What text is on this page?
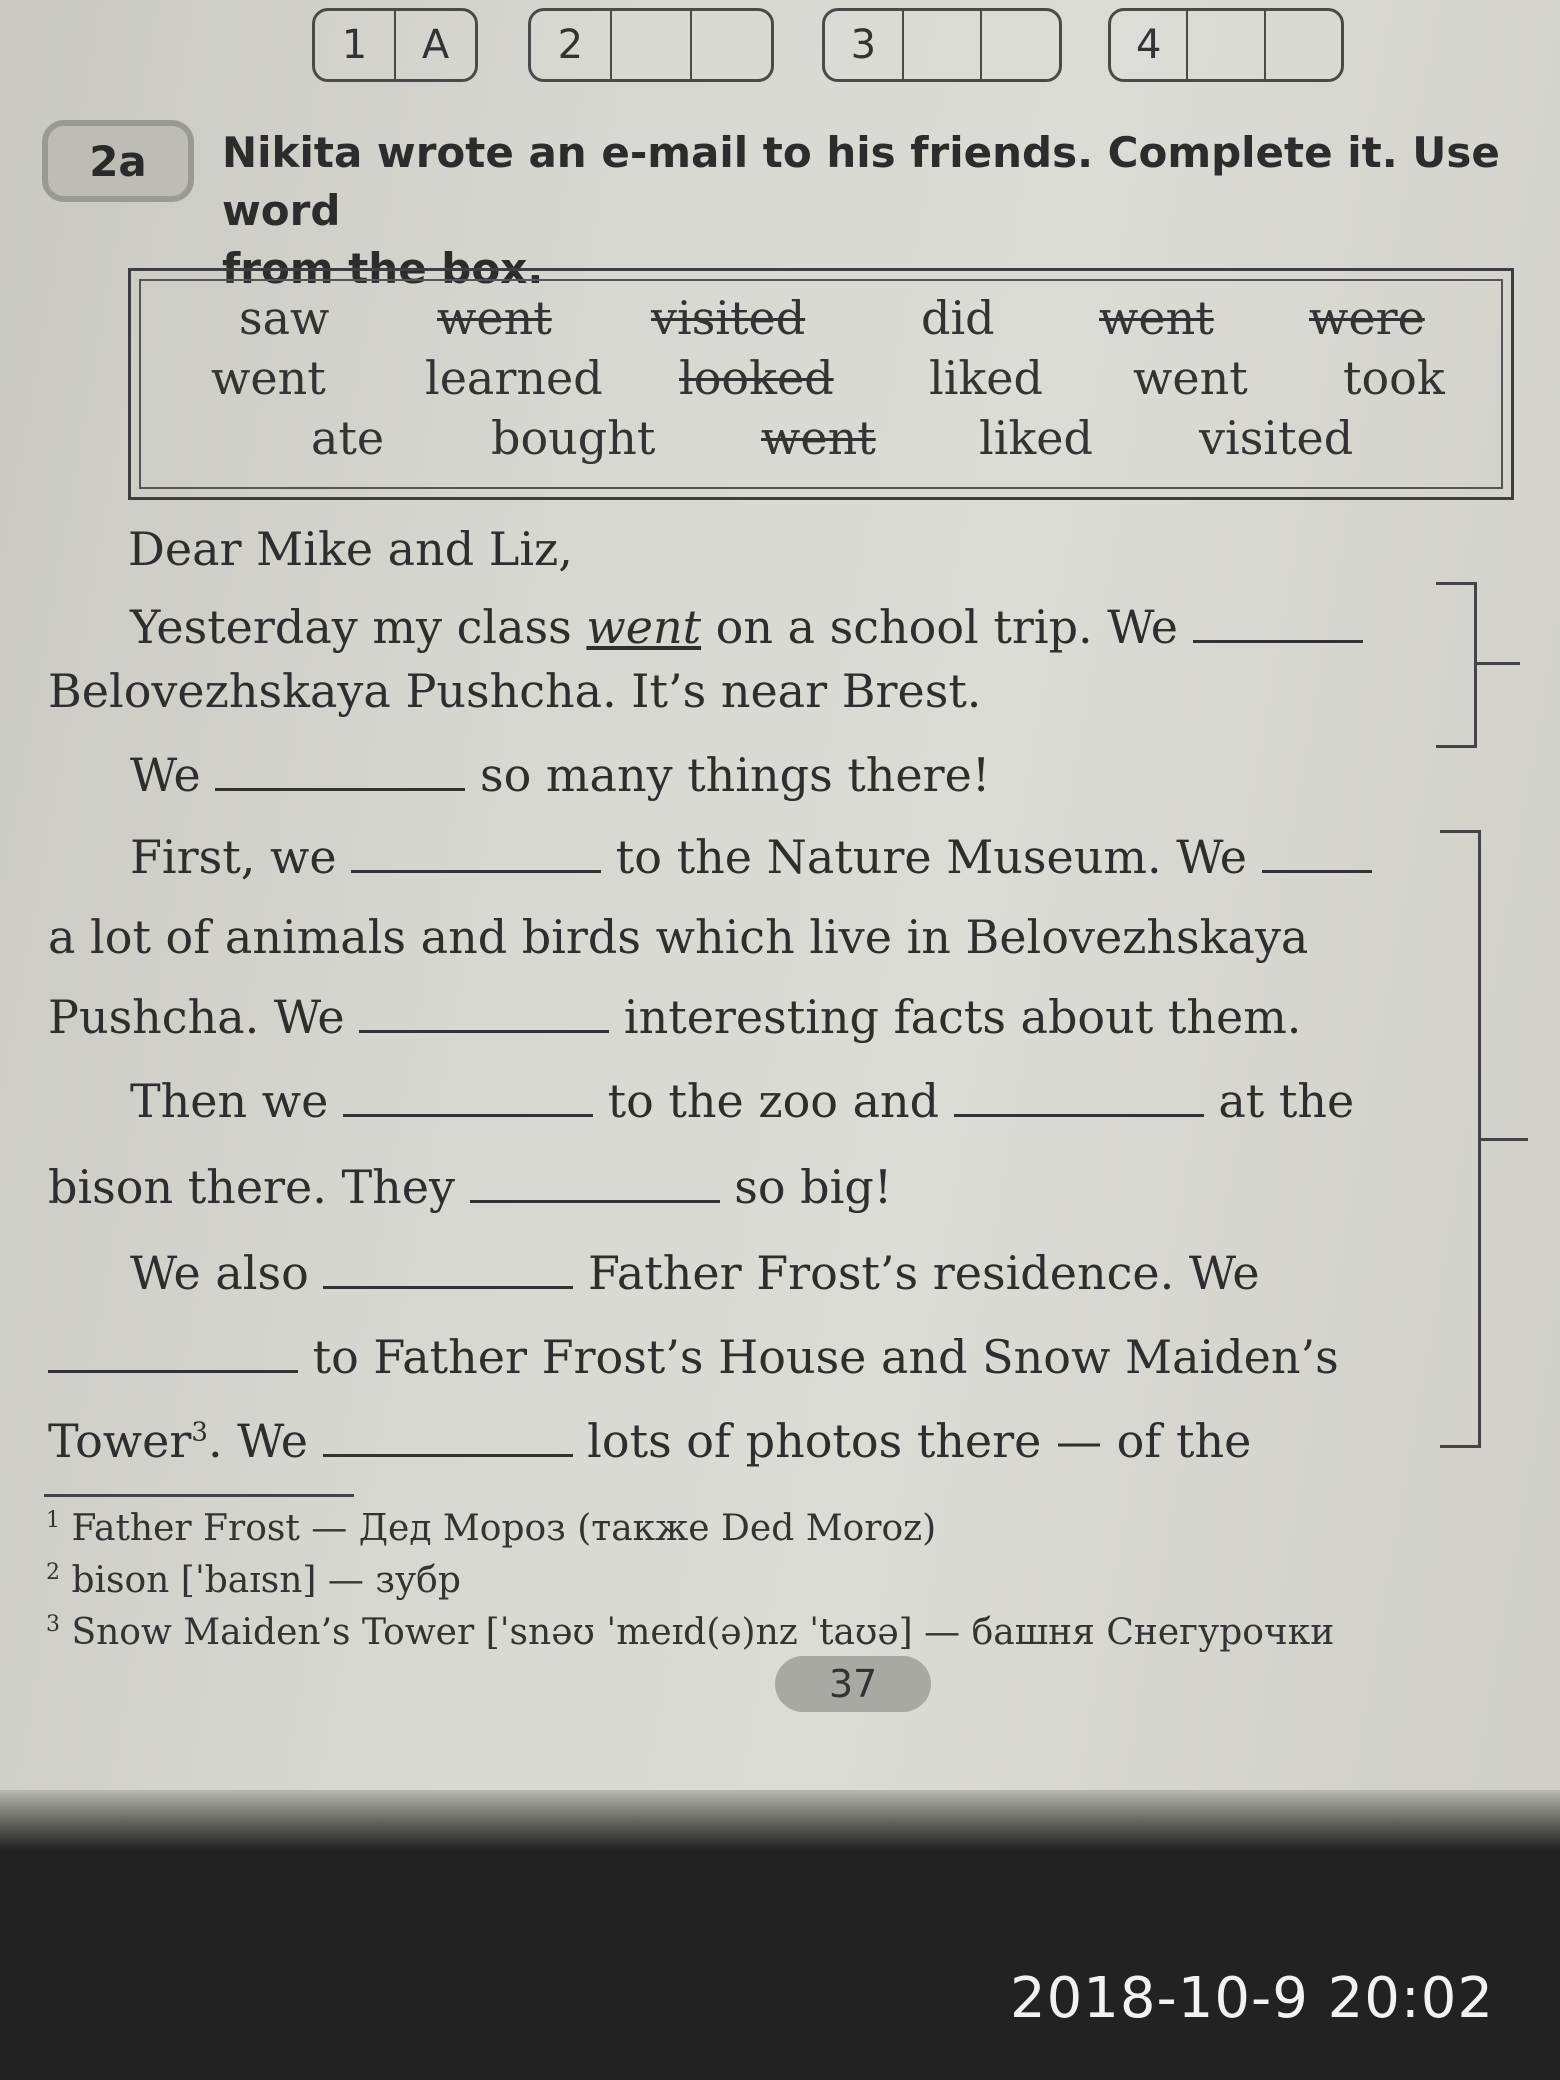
1	A	2	3	4
2a	Nikita wrote an e-mail to his friends. Complete it. Use word
from the box.
saw went visited	did went were
went learned looked liked went took
ate bought went liked visited
Dear Mike and Liz,
Yesterday my class went on a school trip. We
Belovezhskaya Pushcha. It’s near Brest.
We	so many things there!
First, we	to the Nature Museum. We
a lot of animals and birds which live in Belovezhskaya
Pushcha. We	interesting facts about them.
Then we	to the zoo and	at the
bison there. They	so big!
We also	Father Frost’s residence. We
to Father Frost’s House and Snow Maiden’s
Tower$^3$. We	lots of photos there — of the
$^1$ Father Frost — Дед Мороз (также Ded Moroz)
$^2$ bison [ˈbaɪsn] — зубр
$^3$ Snow Maiden’s Tower [ˈsnəʊ ˈmeɪd(ə)nz ˈtaʊə] — башня Снегурочки
37
2018-10-9 20:02
